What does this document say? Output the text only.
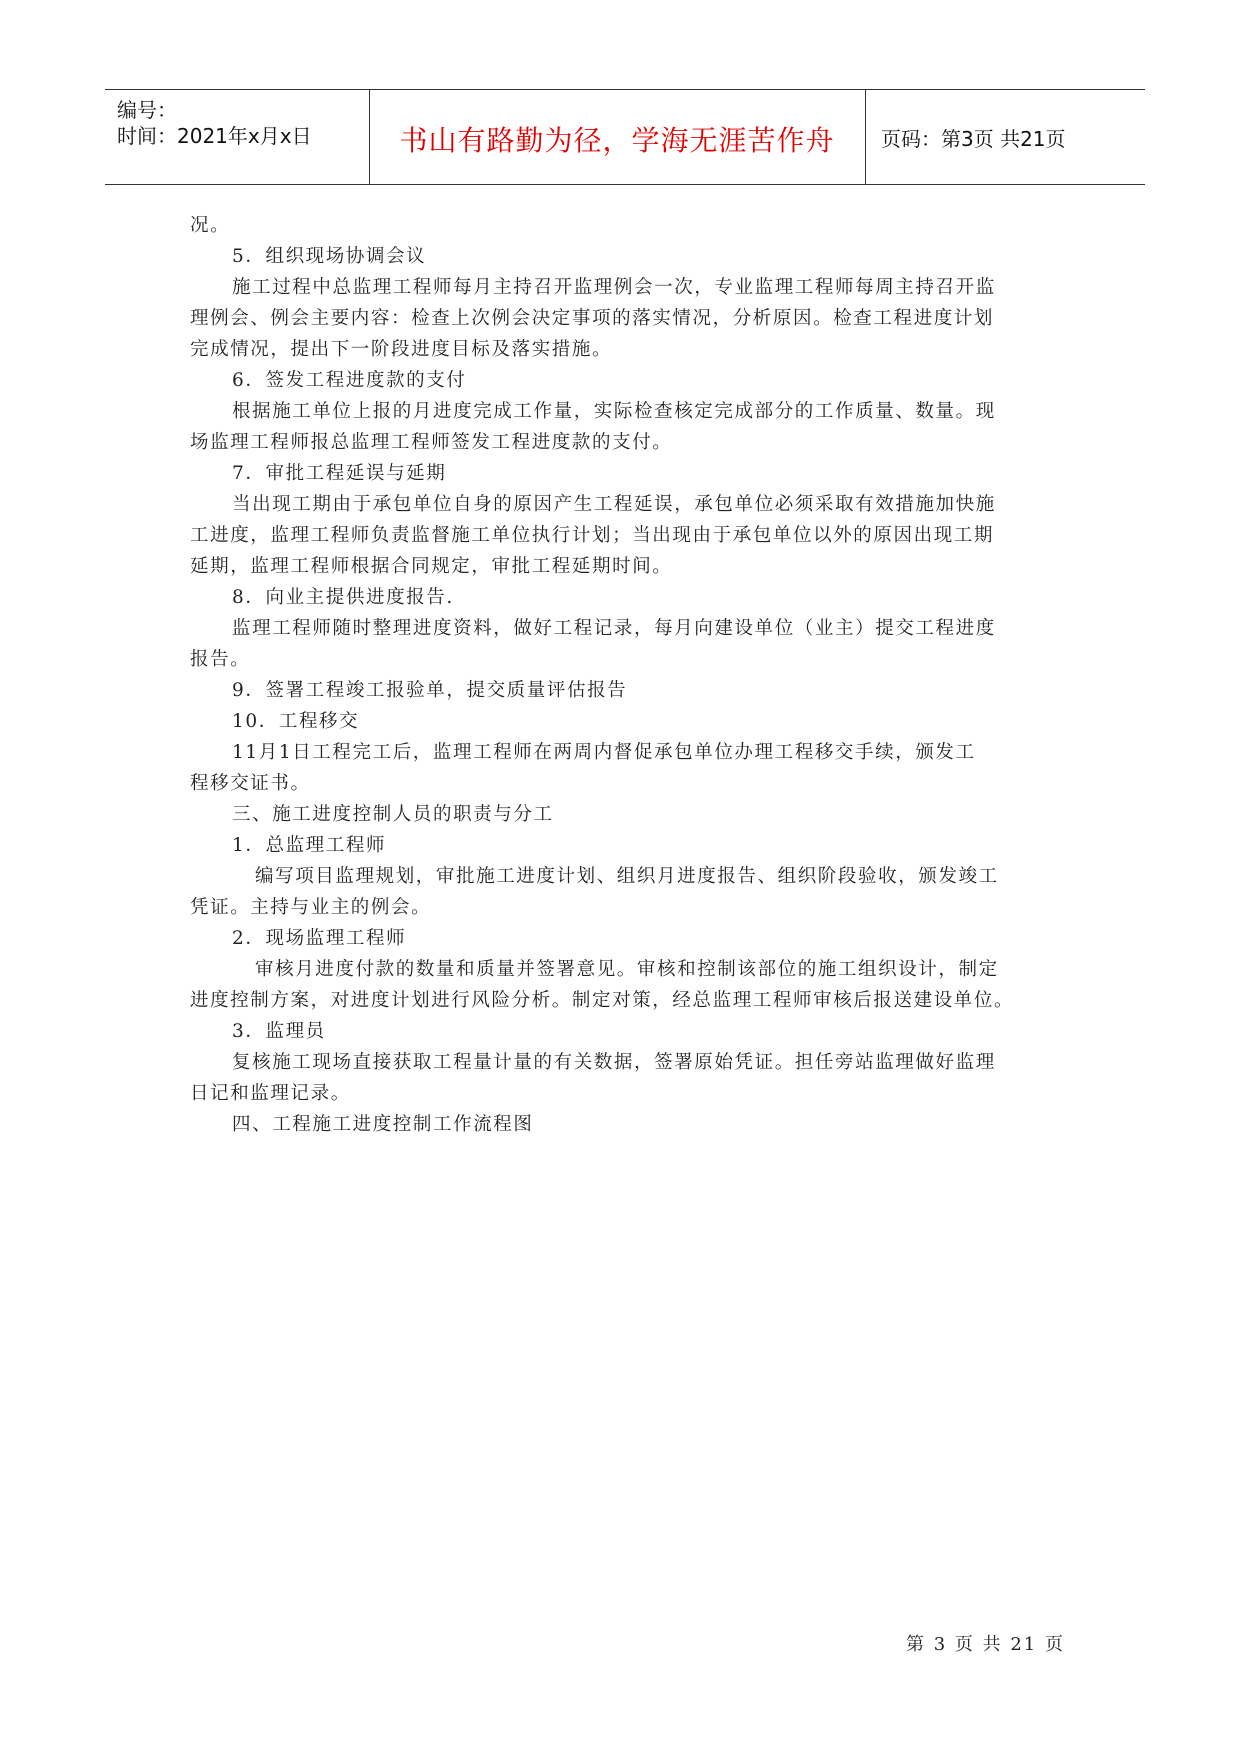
编号：
时间：2021年x月x日	书山有路勤为径，学海无涯苦作舟	页码：第3页 共21页

况。

5．组织现场协调会议

施工过程中总监理工程师每月主持召开监理例会一次，专业监理工程师每周主持召开监

理例会、例会主要内容：检查上次例会决定事项的落实情况，分析原因。检查工程进度计划

完成情况，提出下一阶段进度目标及落实措施。

6．签发工程进度款的支付

根据施工单位上报的月进度完成工作量，实际检查核定完成部分的工作质量、数量。现

场监理工程师报总监理工程师签发工程进度款的支付。

7．审批工程延误与延期

当出现工期由于承包单位自身的原因产生工程延误，承包单位必须采取有效措施加快施

工进度，监理工程师负责监督施工单位执行计划；当出现由于承包单位以外的原因出现工期

延期，监理工程师根据合同规定，审批工程延期时间。

8．向业主提供进度报告.

监理工程师随时整理进度资料，做好工程记录，每月向建设单位（业主）提交工程进度

报告。

9．签署工程竣工报验单，提交质量评估报告

10．工程移交

11月1日工程完工后，监理工程师在两周内督促承包单位办理工程移交手续，颁发工

程移交证书。

三、施工进度控制人员的职责与分工

1．总监理工程师

编写项目监理规划，审批施工进度计划、组织月进度报告、组织阶段验收，颁发竣工

凭证。主持与业主的例会。

2．现场监理工程师

审核月进度付款的数量和质量并签署意见。审核和控制该部位的施工组织设计，制定

进度控制方案，对进度计划进行风险分析。制定对策，经总监理工程师审核后报送建设单位。

3．监理员

复核施工现场直接获取工程量计量的有关数据，签署原始凭证。担任旁站监理做好监理

日记和监理记录。

四、工程施工进度控制工作流程图

第 3 页 共 21 页
